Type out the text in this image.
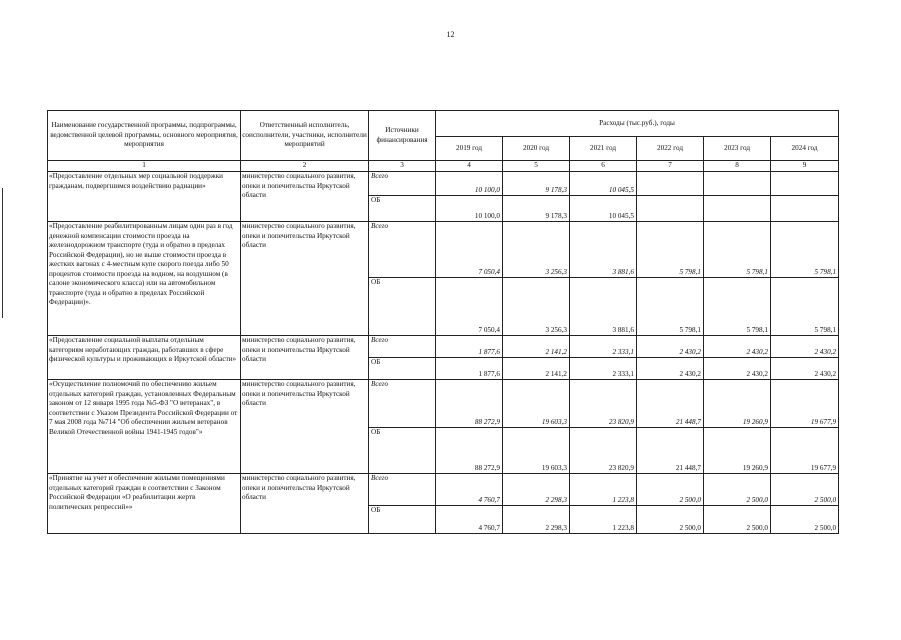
12
Наименование государственной программы, подпрограммы, ведомственной целевой программы, основного мероприятия, мероприятия	Ответственный исполнитель, соисполнители, участники, исполнители мероприятий	Источники финансирования	Расходы (тыс.руб.), годы					
			2019 год	2020 год	2021 год	2022 год	2023 год	2024 год
1	2	3	4	5	6	7	8	9
«Предоставление отдельных мер социальной поддержки гражданам, подвергшимся воздействию радиации»	министерство социального развития, опеки и попечительства Иркутской области	Всего	10 100,0	9 178,3	10 045,5			
		ОБ	10 100,0	9 178,3	10 045,5			
«Предоставление реабилитированным лицам один раз в год денежной компенсации стоимости проезда на железнодорожном транспорте (туда и обратно в пределах Российской Федерации), но не выше стоимости проезда в жестких вагонах с 4-местным купе скорого поезда либо 50 процентов стоимости проезда на водном, на воздушном (в салоне экономического класса) или на автомобильном транспорте (туда и обратно в пределах Российской Федерации)».	министерство социального развития, опеки и попечительства Иркутской области	Всего	7 050,4	3 256,3	3 881,6	5 798,1	5 798,1	5 798,1
		ОБ	7 050,4	3 256,3	3 881,6	5 798,1	5 798,1	5 798,1
«Предоставление социальной выплаты отдельным категориям неработающих граждан, работавших в сфере физической культуры и проживающих в Иркутской области»	министерство социального развития, опеки и попечительства Иркутской области	Всего	1 877,6	2 141,2	2 333,1	2 430,2	2 430,2	2 430,2
		ОБ	1 877,6	2 141,2	2 333,1	2 430,2	2 430,2	2 430,2
«Осуществление полномочий по обеспечению жильем отдельных категорий граждан, установленных Федеральным законом от 12 января 1995 года №5-ФЗ "О ветеранах", в соответствии с Указом Президента Российской Федерации от 7 мая 2008 года №714 "Об обеспечении жильем ветеранов Великой Отечественной войны 1941-1945 годов"»	министерство социального развития, опеки и попечительства Иркутской области	Всего	88 272,9	19 603,3	23 820,9	21 448,7	19 260,9	19 677,9
		ОБ	88 272,9	19 603,3	23 820,9	21 448,7	19 260,9	19 677,9
«Принятие на учет и обеспечение жилыми помещениями отдельных категорий граждан в соответствии с Законом Российской Федерации «О реабилитации жертв политических репрессий»»	министерство социального развития, опеки и попечительства Иркутской области	Всего	4 760,7	2 298,3	1 223,8	2 500,0	2 500,0	2 500,0
		ОБ	4 760,7	2 298,3	1 223,8	2 500,0	2 500,0	2 500,0
